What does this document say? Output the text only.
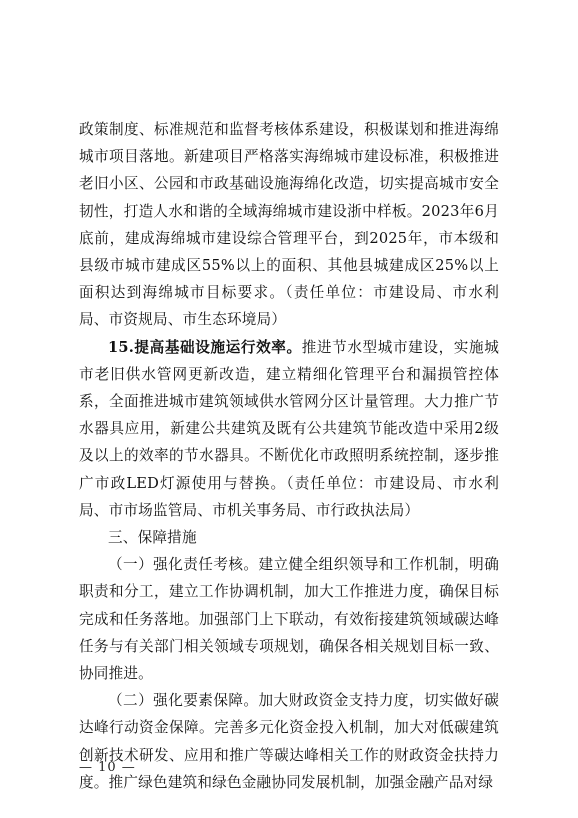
政策制度、标准规范和监督考核体系建设，积极谋划和推进海绵城市项目落地。新建项目严格落实海绵城市建设标准，积极推进老旧小区、公园和市政基础设施海绵化改造，切实提高城市安全韧性，打造人水和谐的全域海绵城市建设浙中样板。2023年6月底前，建成海绵城市建设综合管理平台，到2025年，市本级和县级市城市建成区55%以上的面积、其他县城建成区25%以上面积达到海绵城市目标要求。（责任单位：市建设局、市水利局、市资规局、市生态环境局）

15.提高基础设施运行效率。推进节水型城市建设，实施城市老旧供水管网更新改造，建立精细化管理平台和漏损管控体系，全面推进城市建筑领域供水管网分区计量管理。大力推广节水器具应用，新建公共建筑及既有公共建筑节能改造中采用2级及以上的效率的节水器具。不断优化市政照明系统控制，逐步推广市政LED灯源使用与替换。（责任单位：市建设局、市水利局、市市场监管局、市机关事务局、市行政执法局）

三、保障措施

（一）强化责任考核。建立健全组织领导和工作机制，明确职责和分工，建立工作协调机制，加大工作推进力度，确保目标完成和任务落地。加强部门上下联动，有效衔接建筑领域碳达峰任务与有关部门相关领域专项规划，确保各相关规划目标一致、协同推进。

（二）强化要素保障。加大财政资金支持力度，切实做好碳达峰行动资金保障。完善多元化资金投入机制，加大对低碳建筑创新技术研发、应用和推广等碳达峰相关工作的财政资金扶持力度。推广绿色建筑和绿色金融协同发展机制，加强金融产品对绿

— 10 —
